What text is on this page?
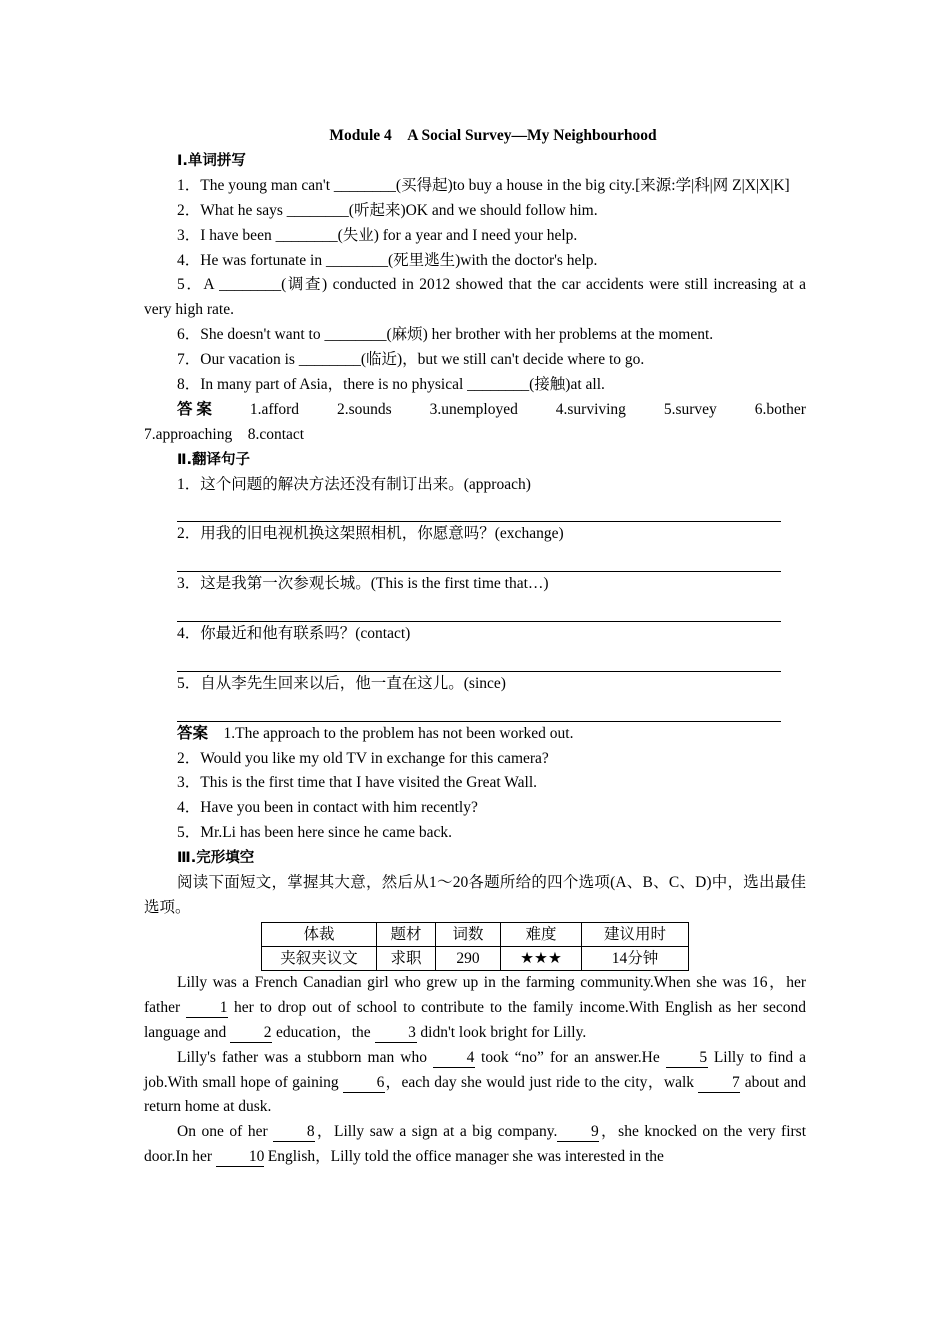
Module 4　A Social Survey—My Neighbourhood
Ⅰ.单词拼写
1．The young man can't ________(买得起)to buy a house in the big city.[来源:学|科|网 Z|X|X|K]
2．What he says ________(听起来)OK and we should follow him.
3．I have been ________(失业) for a year and I need your help.
4．He was fortunate in ________(死里逃生)with the doctor's help.
5．A ________(调查) conducted in 2012 showed that the car accidents were still increasing at a very high rate.
6．She doesn't want to ________(麻烦) her brother with her problems at the moment.
7．Our vacation is ________(临近)，but we still can't decide where to go.
8．In many part of Asia，there is no physical ________(接触)at all.
答 案 1.afford 2.sounds 3.unemployed 4.surviving 5.survey 6.bother
7.approaching　8.contact
Ⅱ.翻译句子
1．这个问题的解决方法还没有制订出来。(approach)
2．用我的旧电视机换这架照相机，你愿意吗？(exchange)
3．这是我第一次参观长城。(This is the first time that…)
4．你最近和他有联系吗？(contact)
5．自从李先生回来以后，他一直在这儿。(since)
答案　 1.The approach to the problem has not been worked out.
2．Would you like my old TV in exchange for this camera?
3．This is the first time that I have visited the Great Wall.
4．Have you been in contact with him recently?
5．Mr.Li has been here since he came back.
Ⅲ.完形填空
阅读下面短文，掌握其大意，然后从1～20各题所给的四个选项(A、B、C、D)中，选出最佳选项。
体裁	题材	词数	难度	建议用时
夹叙夹议文	求职	290	★★★	14分钟
Lilly was a French Canadian girl who grew up in the farming community.When she was 16，her father 1 her to drop out of school to contribute to the family income.With English as her second language and 2 education，the 3 didn't look bright for Lilly.
Lilly's father was a stubborn man who 4 took “no” for an answer.He 5 Lilly to find a job.With small hope of gaining 6，each day she would just ride to the city，walk 7 about and return home at dusk.
On one of her 8，Lilly saw a sign at a big company. 9，she knocked on the very first door.In her 10 English，Lilly told the office manager she was interested in the
